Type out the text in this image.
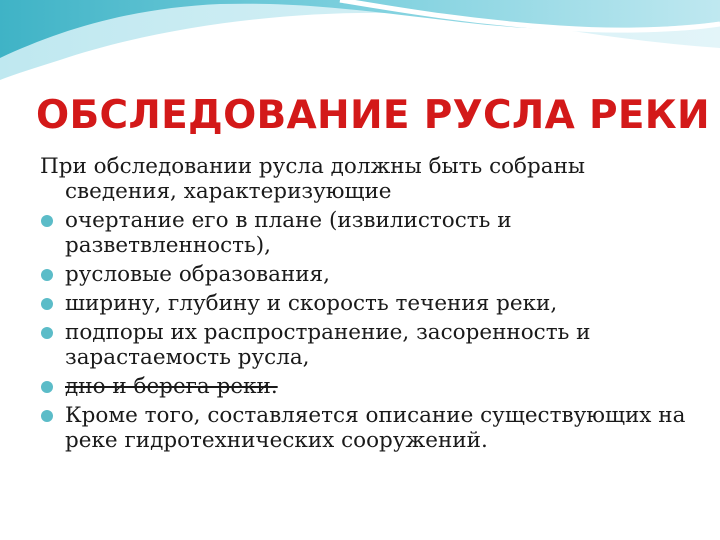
ОБСЛЕДОВАНИЕ РУСЛА РЕКИ

При обследовании русла должны быть собраны сведения, характеризующие

очертание его в плане (извилистость и разветвленность),
русловые образования,
ширину, глубину и скорость течения реки,
подпоры их распространение, засоренность и зарастаемость русла,
дно и берега реки.
Кроме того, составляется описание существующих на реке гидротехнических сооружений.
